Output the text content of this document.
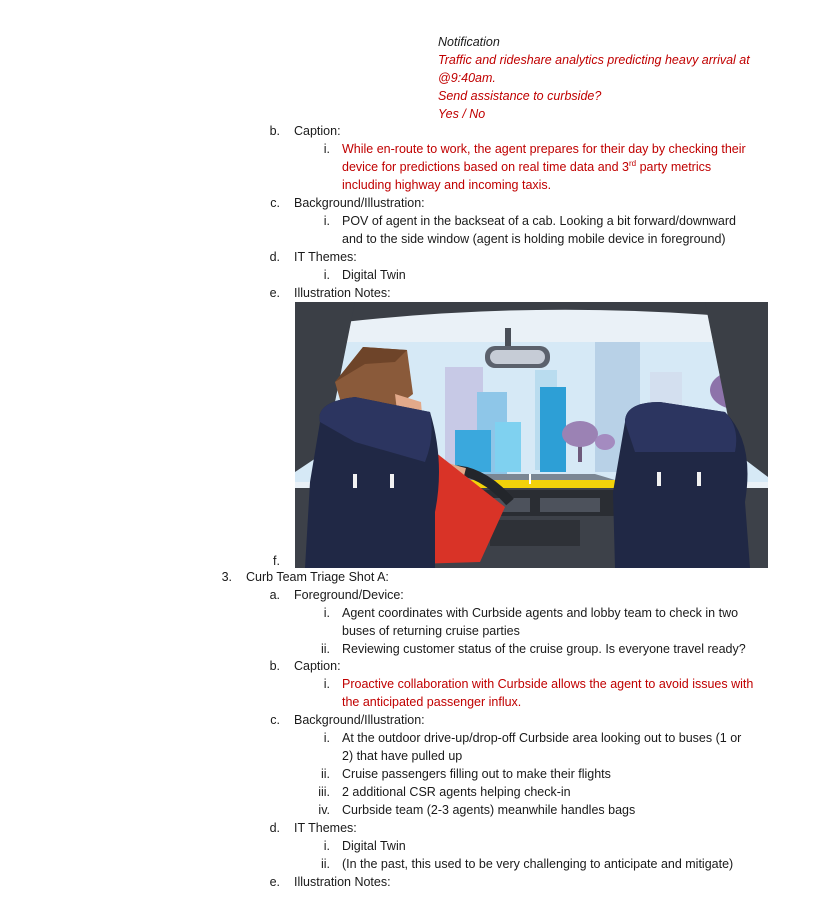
Notification
Traffic and rideshare analytics predicting heavy arrival at
@9:40am.
Send assistance to curbside?
Yes / No
b. Caption:
i. While en-route to work, the agent prepares for their day by checking their
device for predictions based on real time data and 3rd party metrics
including highway and incoming taxis.
c. Background/Illustration:
i. POV of agent in the backseat of a cab. Looking a bit forward/downward
and to the side window (agent is holding mobile device in foreground)
d. IT Themes:
i. Digital Twin
e. Illustration Notes:
f.
3. Curb Team Triage Shot A:
a. Foreground/Device:
i. Agent coordinates with Curbside agents and lobby team to check in two
buses of returning cruise parties
ii. Reviewing customer status of the cruise group. Is everyone travel ready?
b. Caption:
i. Proactive collaboration with Curbside allows the agent to avoid issues with
the anticipated passenger influx.
c. Background/Illustration:
i. At the outdoor drive-up/drop-off Curbside area looking out to buses (1 or
2) that have pulled up
ii. Cruise passengers filling out to make their flights
iii. 2 additional CSR agents helping check-in
iv. Curbside team (2-3 agents) meanwhile handles bags
d. IT Themes:
i. Digital Twin
ii. (In the past, this used to be very challenging to anticipate and mitigate)
e. Illustration Notes:
